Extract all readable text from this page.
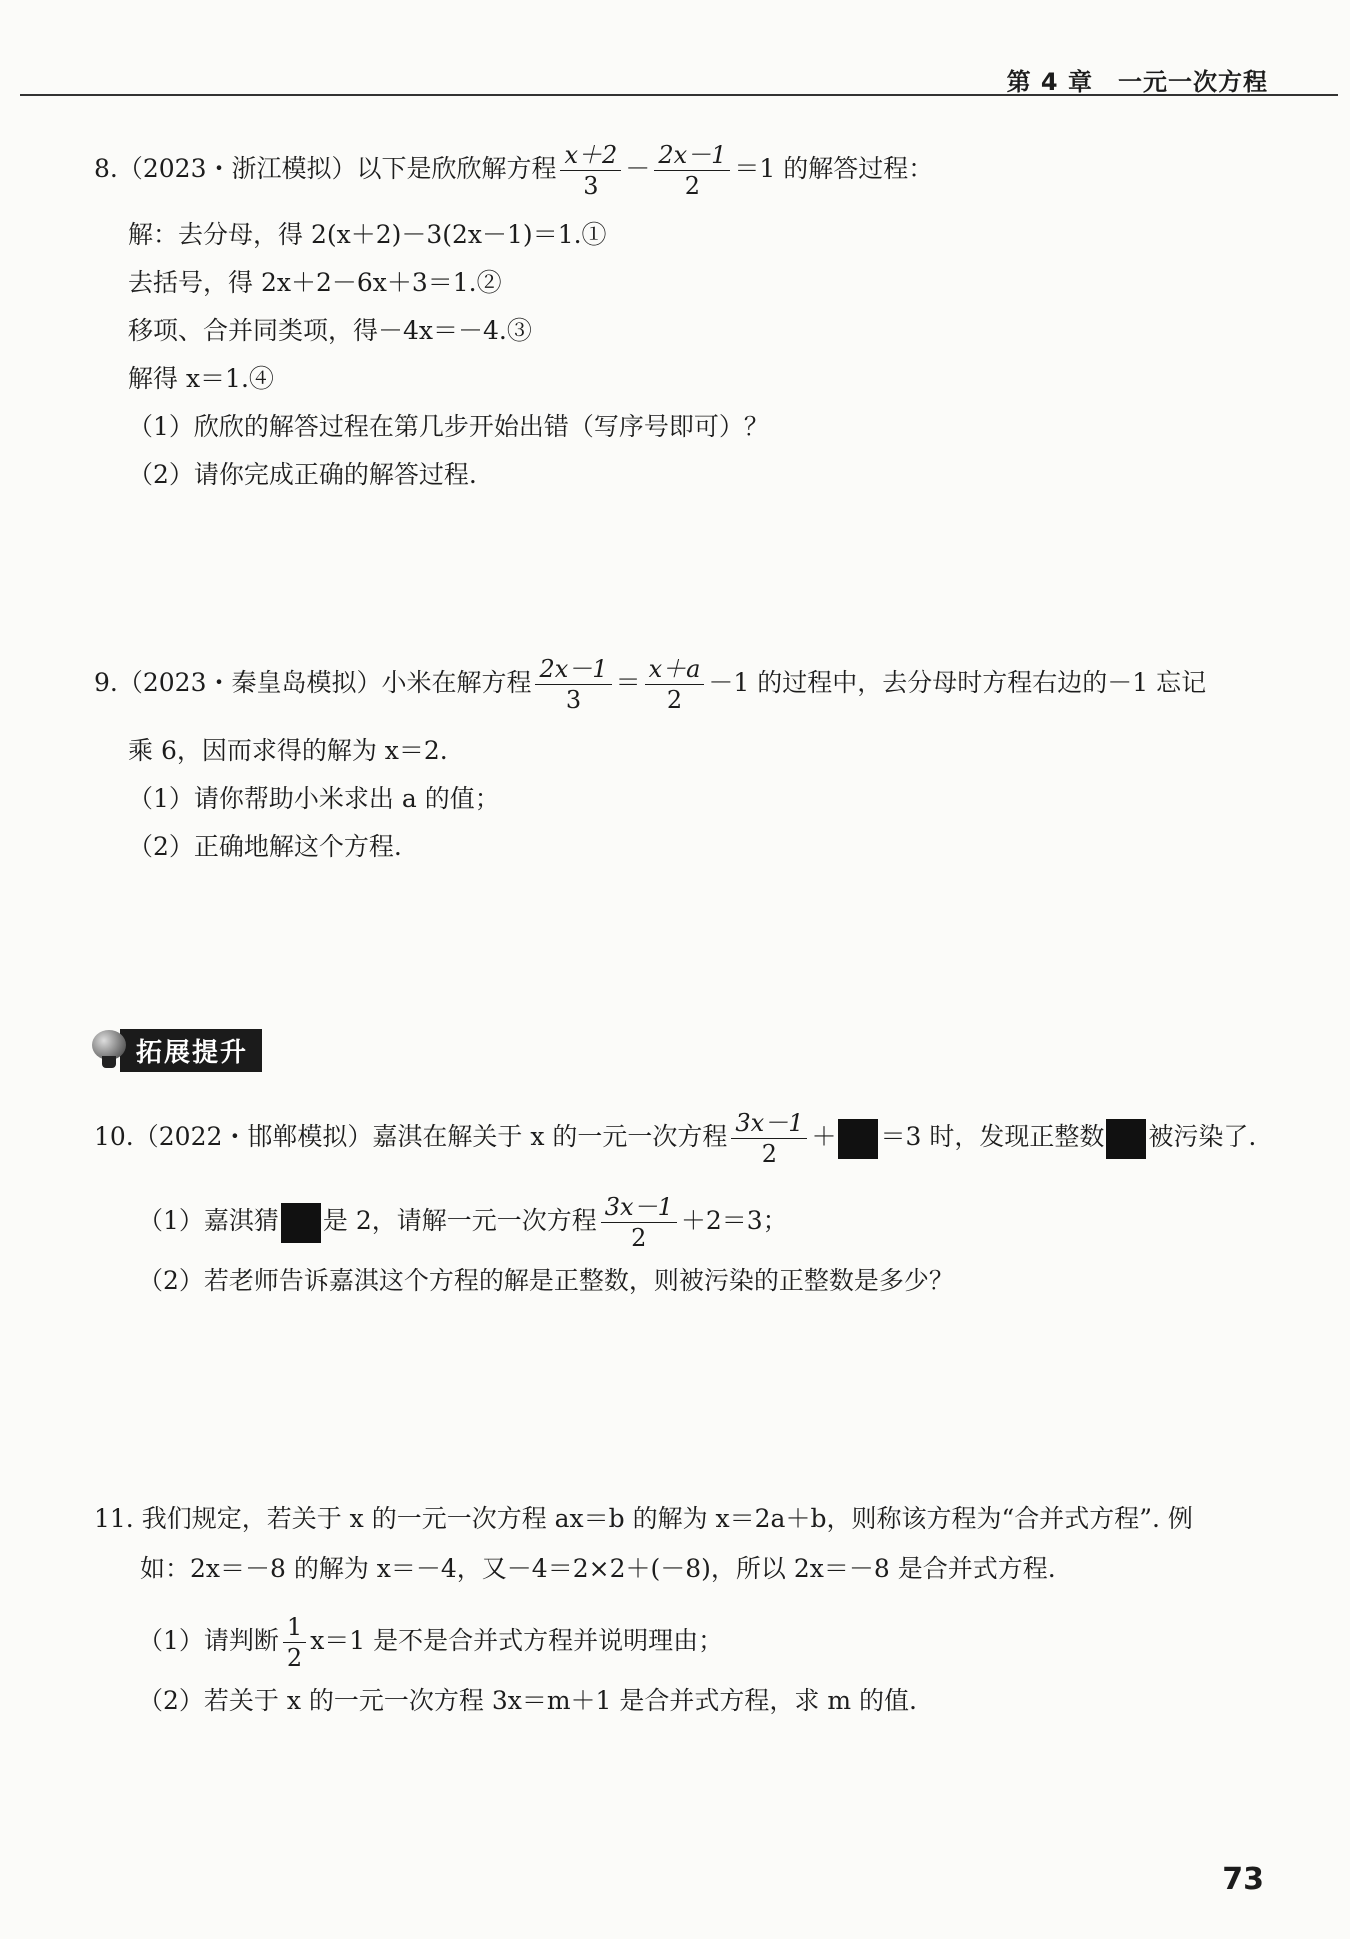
第 4 章　一元一次方程
8.（2023・浙江模拟）以下是欣欣解方程 $\frac{x+2}{3} - \frac{2x-1}{2} =1$ 的解答过程：
解：去分母，得 2(x＋2)－3(2x－1)＝1.①
去括号，得 2x＋2－6x＋3＝1.②
移项、合并同类项，得－4x＝－4.③
解得 x＝1.④
（1）欣欣的解答过程在第几步开始出错（写序号即可）？
（2）请你完成正确的解答过程.
9.（2023・秦皇岛模拟）小米在解方程 $\frac{2x-1}{3} = \frac{x+a}{2} -1$ 的过程中，去分母时方程右边的－1 忘记
乘 6，因而求得的解为 x＝2.
（1）请你帮助小米求出 a 的值；
（2）正确地解这个方程.
拓展提升
10.（2022・邯郸模拟）嘉淇在解关于 x 的一元一次方程 $\frac{3x-1}{2} + =3$ 时，发现正整数 被污染了.
（1）嘉淇猜 是 2，请解一元一次方程 $\frac{3x-1}{2} +2=3$；
（2）若老师告诉嘉淇这个方程的解是正整数，则被污染的正整数是多少？
11. 我们规定，若关于 x 的一元一次方程 ax＝b 的解为 x＝2a＋b，则称该方程为“合并式方程”. 例
如：2x＝－8 的解为 x＝－4，又－4＝2×2＋(－8)，所以 2x＝－8 是合并式方程.
（1）请判断 $\frac{1}{2} x=1$ 是不是合并式方程并说明理由；
（2）若关于 x 的一元一次方程 3x＝m＋1 是合并式方程，求 m 的值.
73
